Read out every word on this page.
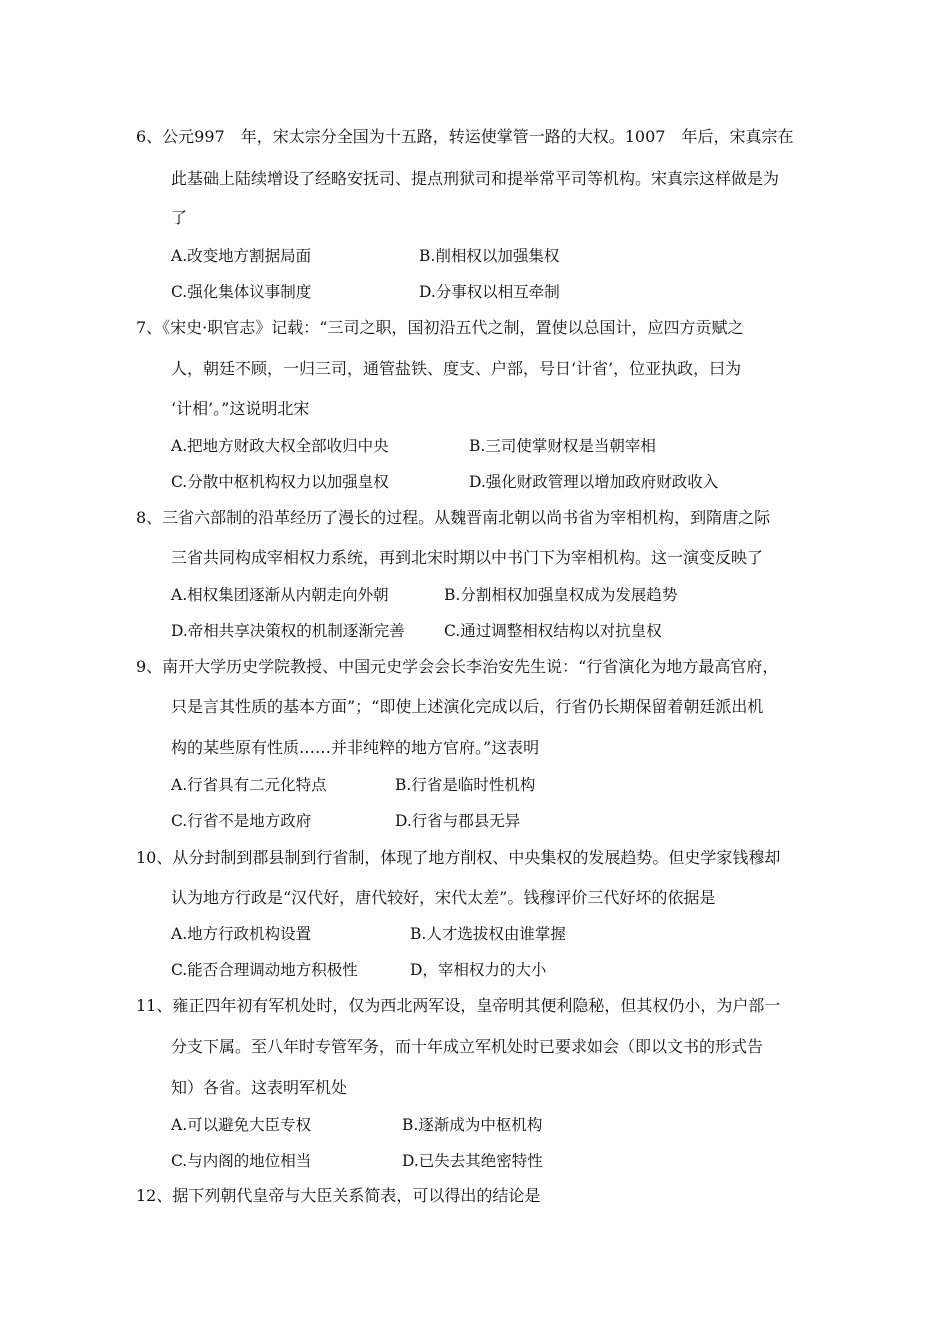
6、公元997　年，宋太宗分全国为十五路，转运使掌管一路的大权。1007　年后，宋真宗在

此基础上陆续增设了经略安抚司、提点刑狱司和提举常平司等机构。宋真宗这样做是为

了

A.改变地方割据局面	B.削相权以加强集权

C.强化集体议事制度	D.分事权以相互牵制

7、《宋史·职官志》记载：“三司之职，国初沿五代之制，置使以总国计，应四方贡赋之

人，朝廷不顾，一归三司，通管盐铁、度支、户部，号日‘计省’，位亚执政，曰为

‘计相’。”这说明北宋

A.把地方财政大权全部收归中央	B.三司使掌财权是当朝宰相

C.分散中枢机构权力以加强皇权	D.强化财政管理以增加政府财政收入

8、三省六部制的沿革经历了漫长的过程。从魏晋南北朝以尚书省为宰相机构，到隋唐之际

三省共同构成宰相权力系统，再到北宋时期以中书门下为宰相机构。这一演变反映了

A.相权集团逐渐从内朝走向外朝	B.分割相权加强皇权成为发展趋势

D.帝相共享决策权的机制逐渐完善	C.通过调整相权结构以对抗皇权

9、南开大学历史学院教授、中国元史学会会长李治安先生说：“行省演化为地方最高官府，

只是言其性质的基本方面”；“即使上述演化完成以后，行省仍长期保留着朝廷派出机

构的某些原有性质……并非纯粹的地方官府。”这表明

A.行省具有二元化特点	B.行省是临时性机构

C.行省不是地方政府	D.行省与郡县无异

10、从分封制到郡县制到行省制，体现了地方削权、中央集权的发展趋势。但史学家钱穆却

认为地方行政是“汉代好，唐代较好，宋代太差”。钱穆评价三代好坏的依据是

A.地方行政机构设置	B.人才选拔权由谁掌握

C.能否合理调动地方积极性	D，宰相权力的大小

11、雍正四年初有军机处时，仅为西北两军设，皇帝明其便利隐秘，但其权仍小，为户部一

分支下属。至八年时专管军务，而十年成立军机处时已要求如会（即以文书的形式告

知）各省。这表明军机处

A.可以避免大臣专权	B.逐渐成为中枢机构

C.与内阁的地位相当	D.已失去其绝密特性

12、据下列朝代皇帝与大臣关系简表，可以得出的结论是
